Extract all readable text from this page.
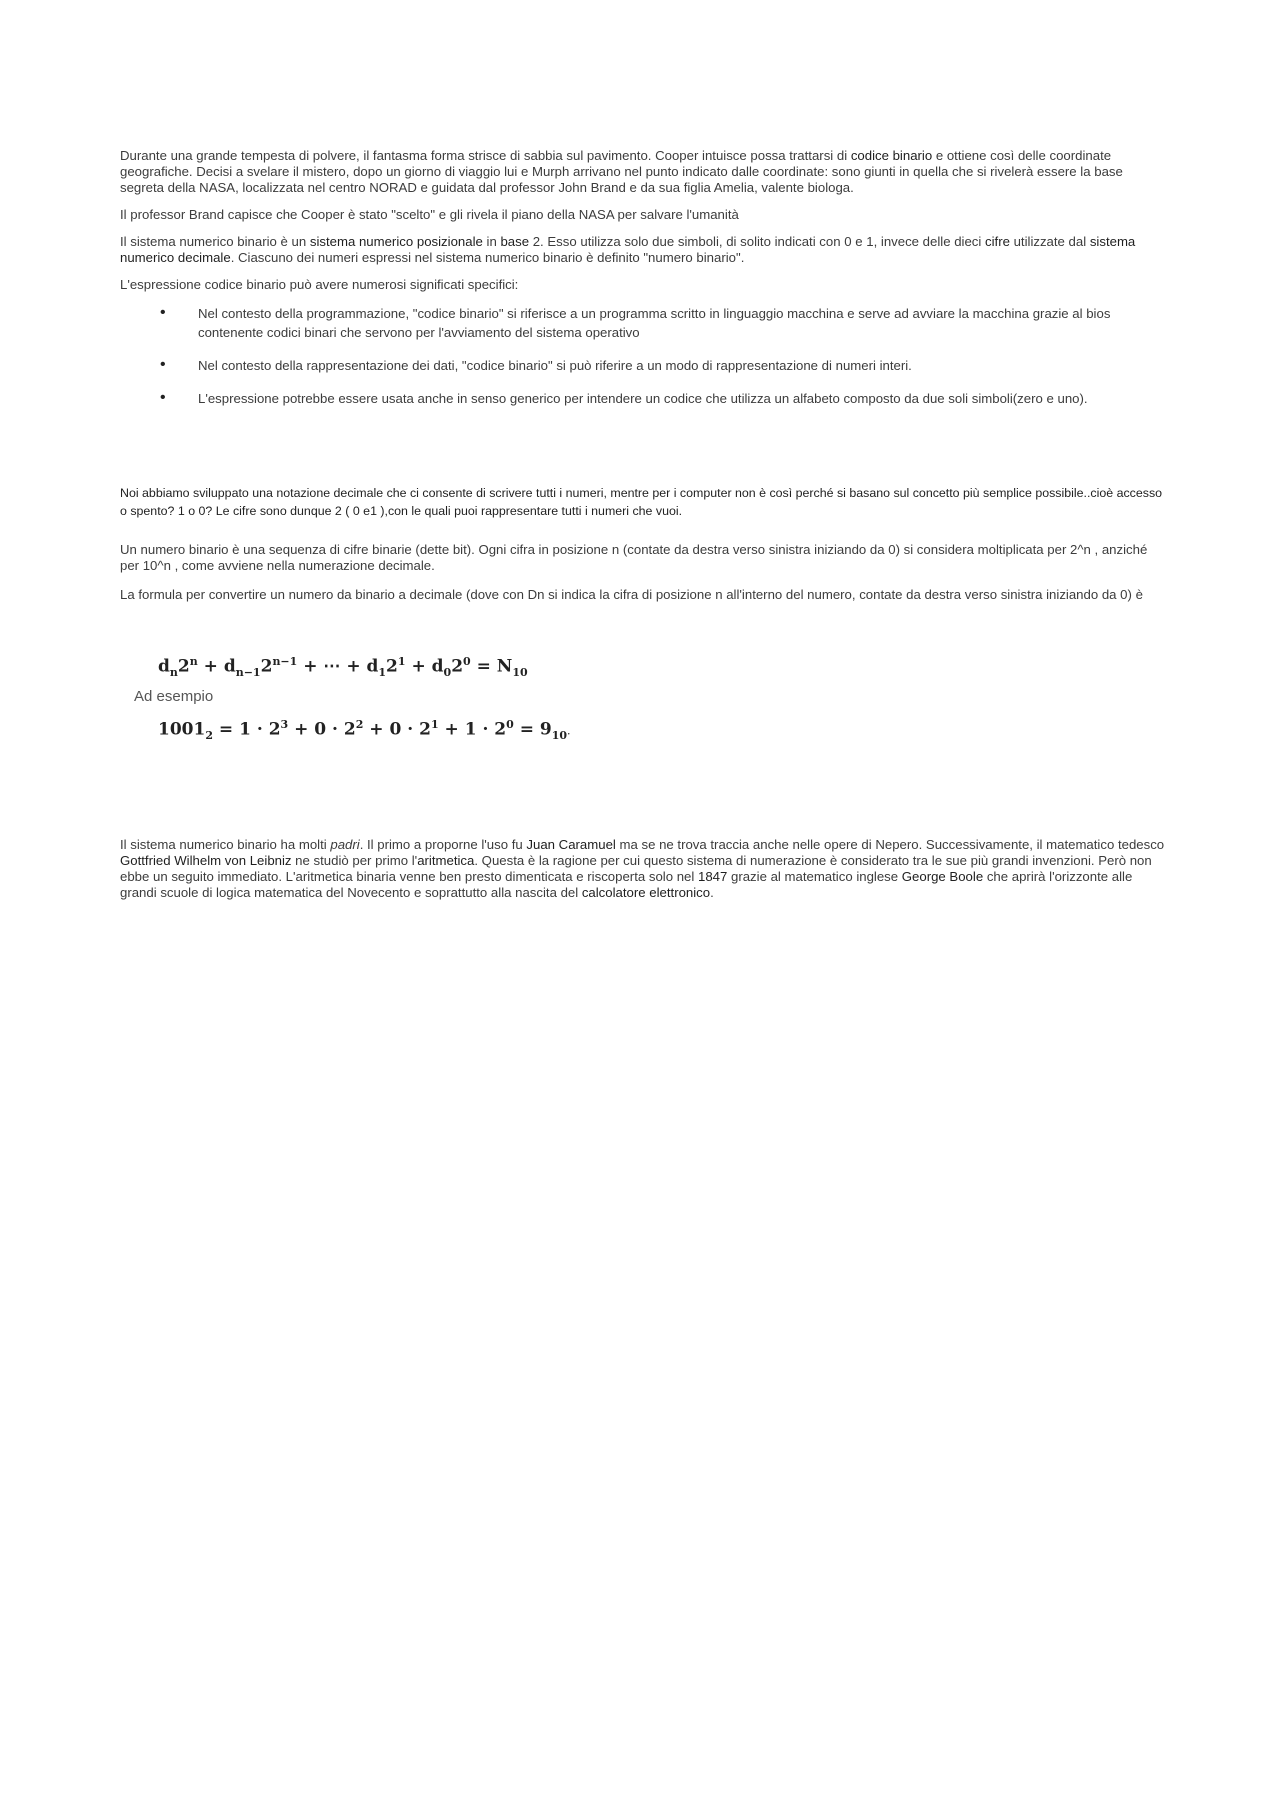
Durante una grande tempesta di polvere, il fantasma forma strisce di sabbia sul pavimento. Cooper intuisce possa trattarsi di codice binario e ottiene così delle coordinate geografiche. Decisi a svelare il mistero, dopo un giorno di viaggio lui e Murph arrivano nel punto indicato dalle coordinate: sono giunti in quella che si rivelerà essere la base segreta della NASA, localizzata nel centro NORAD e guidata dal professor John Brand e da sua figlia Amelia, valente biologa.

Il professor Brand capisce che Cooper è stato "scelto" e gli rivela il piano della NASA per salvare l'umanità

Il sistema numerico binario è un sistema numerico posizionale in base 2. Esso utilizza solo due simboli, di solito indicati con 0 e 1, invece delle dieci cifre utilizzate dal sistema numerico decimale. Ciascuno dei numeri espressi nel sistema numerico binario è definito "numero binario".

L'espressione codice binario può avere numerosi significati specifici:

• Nel contesto della programmazione, "codice binario" si riferisce a un programma scritto in linguaggio macchina e serve ad avviare la macchina grazie al bios contenente codici binari che servono per l'avviamento del sistema operativo
• Nel contesto della rappresentazione dei dati, "codice binario" si può riferire a un modo di rappresentazione di numeri interi.
• L'espressione potrebbe essere usata anche in senso generico per intendere un codice che utilizza un alfabeto composto da due soli simboli(zero e uno).

Noi abbiamo sviluppato una notazione decimale che ci consente di scrivere tutti i numeri, mentre per i computer non è così perché si basano sul concetto più semplice possibile..cioè accesso o spento? 1 o 0? Le cifre sono dunque 2 ( 0 e1 ),con le quali puoi rappresentare tutti i numeri che vuoi.

Un numero binario è una sequenza di cifre binarie (dette bit). Ogni cifra in posizione n (contate da destra verso sinistra iniziando da 0) si considera moltiplicata per 2^n , anziché per 10^n , come avviene nella numerazione decimale.

La formula per convertire un numero da binario a decimale (dove con Dn si indica la cifra di posizione n all'interno del numero, contate da destra verso sinistra iniziando da 0) è

$d_n2^n + d_{n-1}2^{n-1}$ + ⋯ + $d_12^1 + d_02^0 = N_{10}$
Ad esempio
$1001_2 = 1 \cdot 2^3 + 0 \cdot 2^2 + 0 \cdot 2^1 + 1 \cdot 2^0 = 9_{10}$.

Il sistema numerico binario ha molti padri. Il primo a proporne l'uso fu Juan Caramuel ma se ne trova traccia anche nelle opere di Nepero. Successivamente, il matematico tedesco Gottfried Wilhelm von Leibniz ne studiò per primo l'aritmetica. Questa è la ragione per cui questo sistema di numerazione è considerato tra le sue più grandi invenzioni. Però non ebbe un seguito immediato. L'aritmetica binaria venne ben presto dimenticata e riscoperta solo nel 1847 grazie al matematico inglese George Boole che aprirà l'orizzonte alle grandi scuole di logica matematica del Novecento e soprattutto alla nascita del calcolatore elettronico.
